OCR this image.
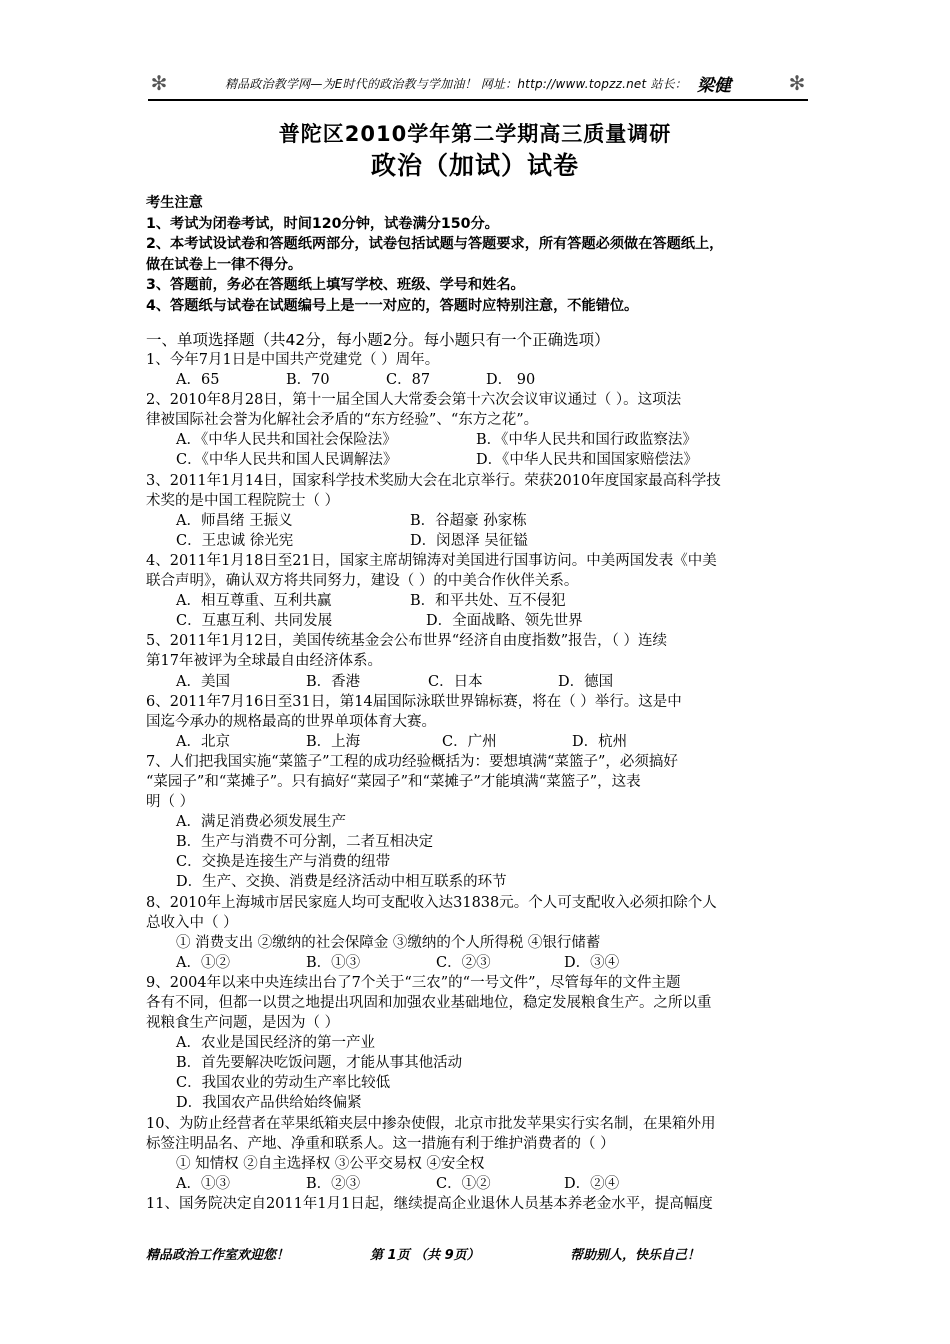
✻	精品政治教学网—为E时代的政治教与学加油！ 网址：http://www.topzz.net 站长： 梁健	✻
普陀区2010学年第二学期高三质量调研
政治（加试）试卷
考生注意
1、考试为闭卷考试，时间120分钟，试卷满分150分。
2、本考试设试卷和答题纸两部分，试卷包括试题与答题要求，所有答题必须做在答题纸上，
做在试卷上一律不得分。
3、答题前，务必在答题纸上填写学校、班级、学号和姓名。
4、答题纸与试卷在试题编号上是一一对应的，答题时应特别注意，不能错位。
一、单项选择题（共42分，每小题2分。每小题只有一个正确选项）
1、今年7月1日是中国共产党建党（ ）周年。
A．65	B．70	C．87	D． 90
2、2010年8月28日，第十一届全国人大常委会第十六次会议审议通过（ ）。这项法
律被国际社会誉为化解社会矛盾的“东方经验”、“东方之花”。
A．《中华人民共和国社会保险法》	B．《中华人民共和国行政监察法》
C．《中华人民共和国人民调解法》	D．《中华人民共和国国家赔偿法》
3、2011年1月14日，国家科学技术奖励大会在北京举行。荣获2010年度国家最高科学技
术奖的是中国工程院院士（ ）
A．师昌绪 王振义	B．谷超豪 孙家栋
C．王忠诚 徐光宪	D．闵恩泽 吴征镒
4、2011年1月18日至21日，国家主席胡锦涛对美国进行国事访问。中美两国发表《中美
联合声明》，确认双方将共同努力，建设（ ）的中美合作伙伴关系。
A．相互尊重、互利共赢	B．和平共处、互不侵犯
C．互惠互利、共同发展	D．全面战略、领先世界
5、2011年1月12日，美国传统基金会公布世界“经济自由度指数”报告，（ ）连续
第17年被评为全球最自由经济体系。
A．美国	B．香港	C．日本	D．德国
6、2011年7月16日至31日，第14届国际泳联世界锦标赛，将在（ ）举行。这是中
国迄今承办的规格最高的世界单项体育大赛。
A．北京	B．上海	C．广州	D．杭州
7、人们把我国实施“菜篮子”工程的成功经验概括为：要想填满“菜篮子”，必须搞好
“菜园子”和“菜摊子”。只有搞好“菜园子”和“菜摊子”才能填满“菜篮子”，这表
明（ ）
A．满足消费必须发展生产
B．生产与消费不可分割，二者互相决定
C．交换是连接生产与消费的纽带
D．生产、交换、消费是经济活动中相互联系的环节
8、2010年上海城市居民家庭人均可支配收入达31838元。个人可支配收入必须扣除个人
总收入中（ ）
① 消费支出 ②缴纳的社会保障金 ③缴纳的个人所得税 ④银行储蓄
A．①②	B．①③	C．②③	D．③④
9、2004年以来中央连续出台了7个关于“三农”的“一号文件”，尽管每年的文件主题
各有不同，但都一以贯之地提出巩固和加强农业基础地位，稳定发展粮食生产。之所以重
视粮食生产问题，是因为（ ）
A．农业是国民经济的第一产业
B．首先要解决吃饭问题，才能从事其他活动
C．我国农业的劳动生产率比较低
D．我国农产品供给始终偏紧
10、为防止经营者在苹果纸箱夹层中掺杂使假，北京市批发苹果实行实名制，在果箱外用
标签注明品名、产地、净重和联系人。这一措施有利于维护消费者的（ ）
① 知情权 ②自主选择权 ③公平交易权 ④安全权
A．①③	B．②③	C．①②	D．②④
11、国务院决定自2011年1月1日起，继续提高企业退休人员基本养老金水平，提高幅度
精品政治工作室欢迎您！	第 1页 （共 9页）	帮助别人，快乐自己！
